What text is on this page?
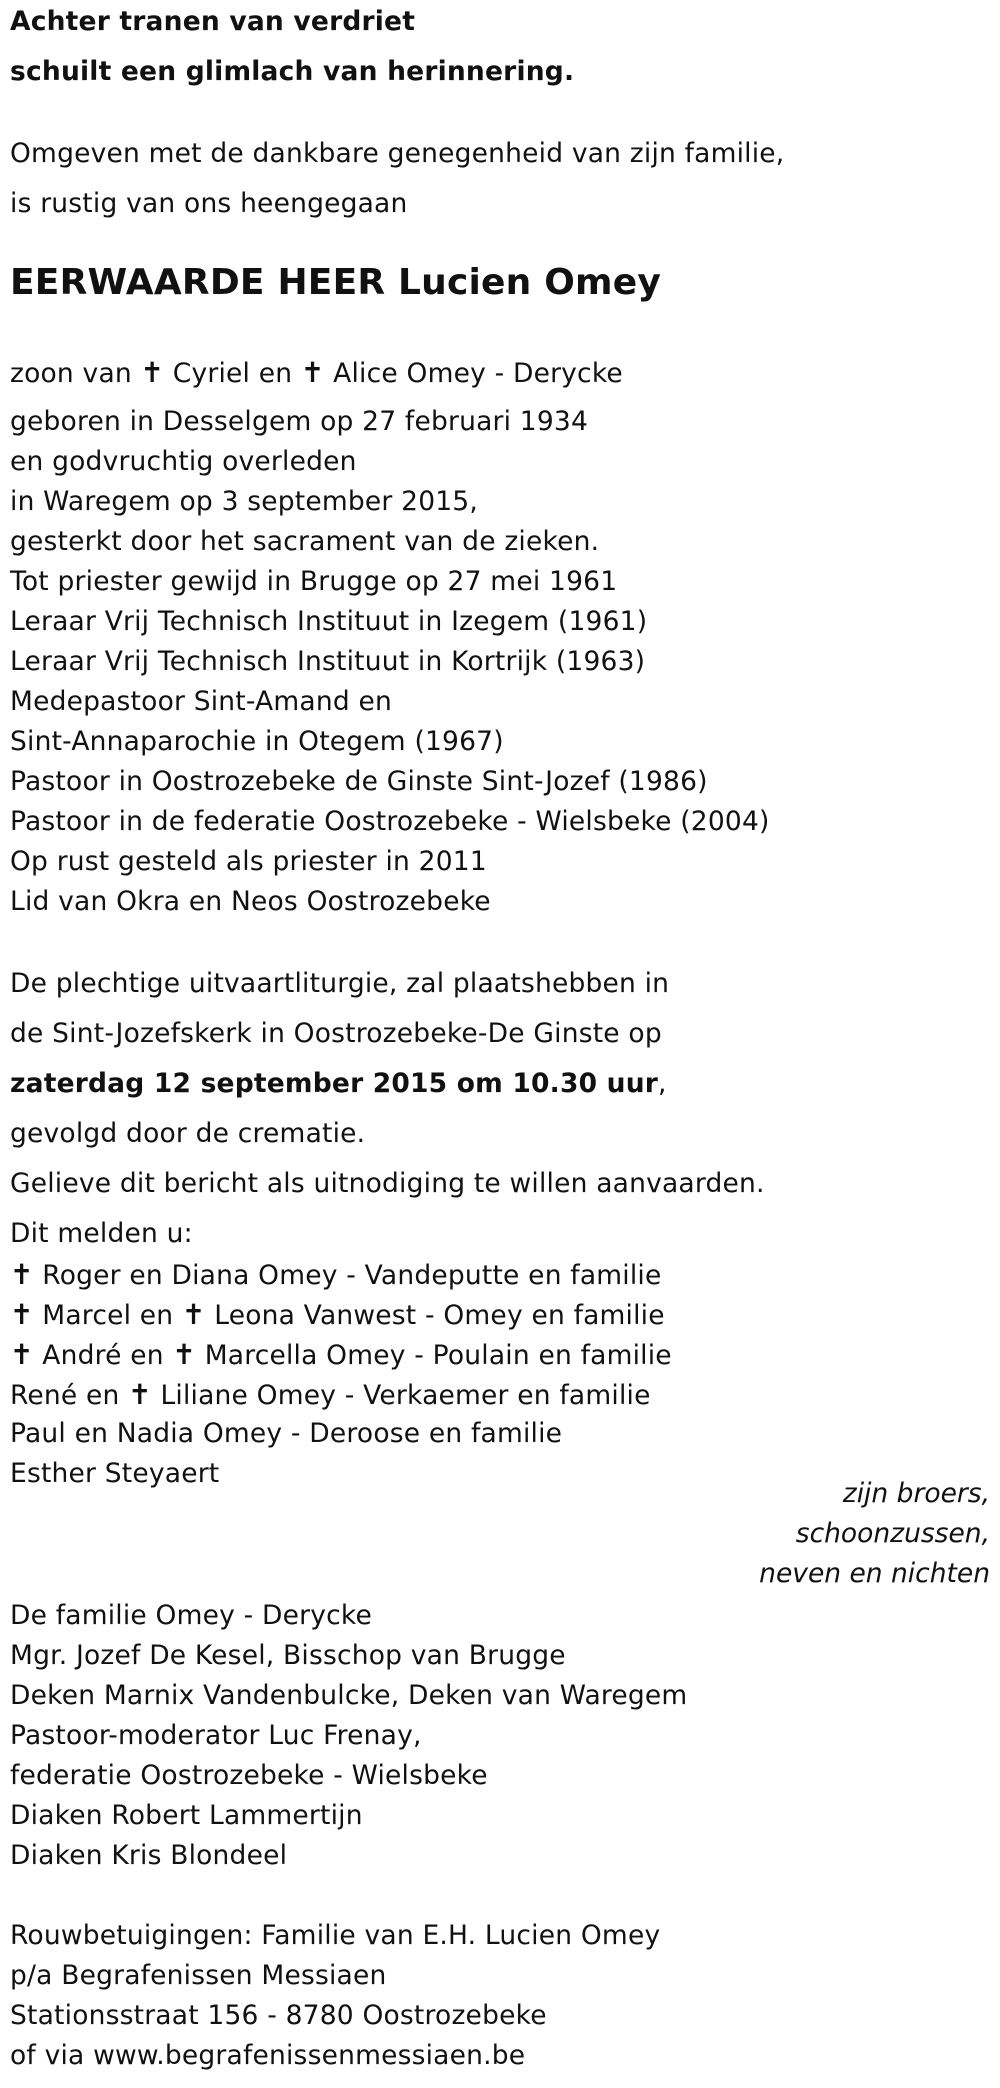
Achter tranen van verdriet
schuilt een glimlach van herinnering.
Omgeven met de dankbare genegenheid van zijn familie,
is rustig van ons heengegaan
EERWAARDE HEER Lucien Omey
zoon van ✝ Cyriel en ✝ Alice Omey - Derycke
geboren in Desselgem op 27 februari 1934
en godvruchtig overleden
in Waregem op 3 september 2015,
gesterkt door het sacrament van de zieken.
Tot priester gewijd in Brugge op 27 mei 1961
Leraar Vrij Technisch Instituut in Izegem (1961)
Leraar Vrij Technisch Instituut in Kortrijk (1963)
Medepastoor Sint-Amand en
Sint-Annaparochie in Otegem (1967)
Pastoor in Oostrozebeke de Ginste Sint-Jozef (1986)
Pastoor in de federatie Oostrozebeke - Wielsbeke (2004)
Op rust gesteld als priester in 2011
Lid van Okra en Neos Oostrozebeke
De plechtige uitvaartliturgie, zal plaatshebben in
de Sint-Jozefskerk in Oostrozebeke-De Ginste op
zaterdag 12 september 2015 om 10.30 uur,
gevolgd door de crematie.
Gelieve dit bericht als uitnodiging te willen aanvaarden.
Dit melden u:
✝ Roger en Diana Omey - Vandeputte en familie
✝ Marcel en ✝ Leona Vanwest - Omey en familie
✝ André en ✝ Marcella Omey - Poulain en familie
René en ✝ Liliane Omey - Verkaemer en familie
Paul en Nadia Omey - Deroose en familie
Esther Steyaert
zijn broers,
schoonzussen,
neven en nichten
De familie Omey - Derycke
Mgr. Jozef De Kesel, Bisschop van Brugge
Deken Marnix Vandenbulcke, Deken van Waregem
Pastoor-moderator Luc Frenay,
federatie Oostrozebeke - Wielsbeke
Diaken Robert Lammertijn
Diaken Kris Blondeel
Rouwbetuigingen: Familie van E.H. Lucien Omey
p/a Begrafenissen Messiaen
Stationsstraat 156 - 8780 Oostrozebeke
of via www.begrafenissenmessiaen.be
